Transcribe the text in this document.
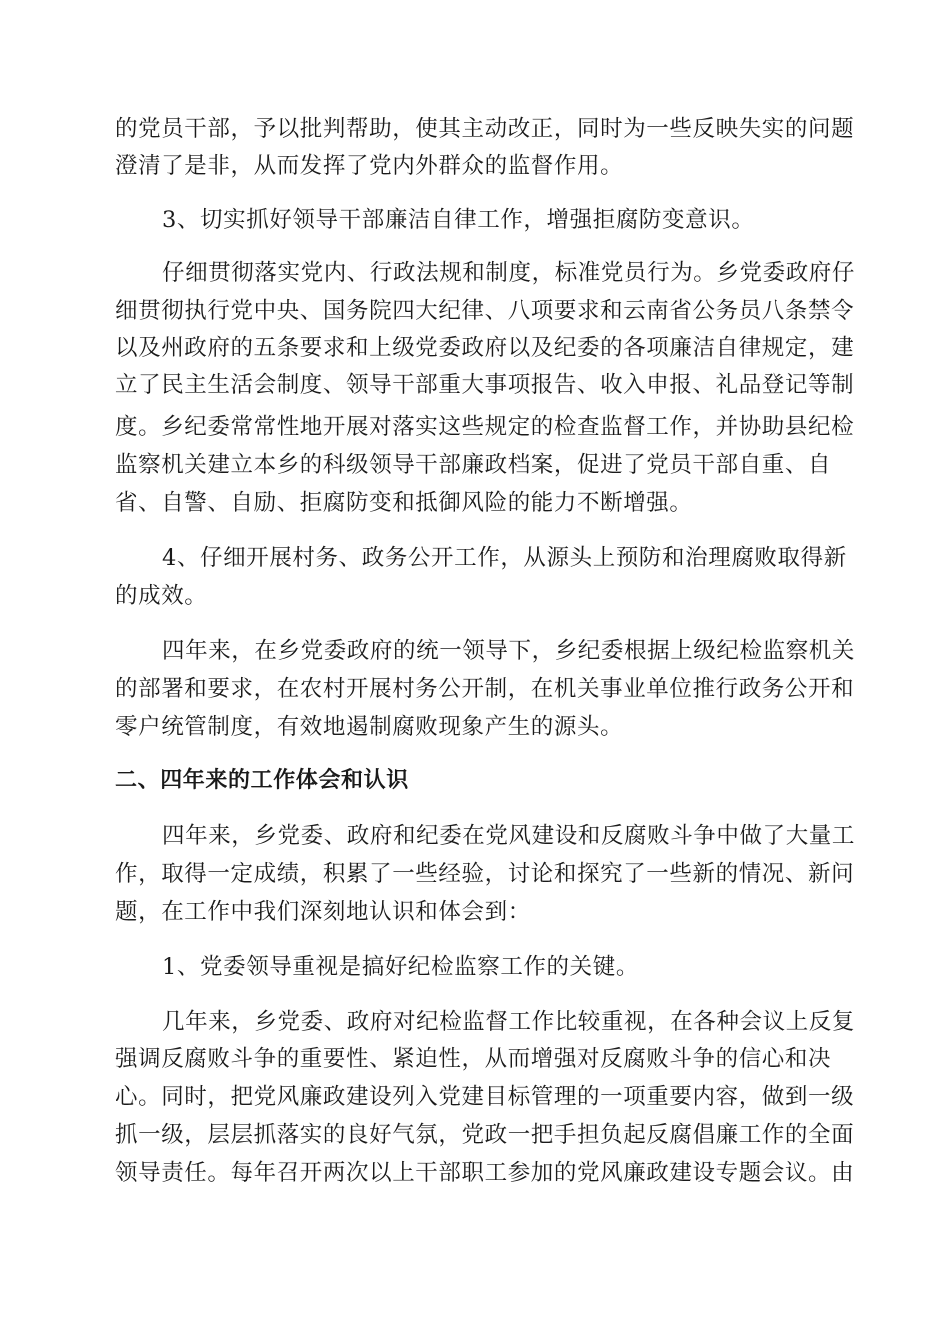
的党员干部，予以批判帮助，使其主动改正，同时为一些反映失实的问题
澄清了是非，从而发挥了党内外群众的监督作用。
3、切实抓好领导干部廉洁自律工作，增强拒腐防变意识。
仔细贯彻落实党内、行政法规和制度，标准党员行为。乡党委政府仔
细贯彻执行党中央、国务院四大纪律、八项要求和云南省公务员八条禁令
以及州政府的五条要求和上级党委政府以及纪委的各项廉洁自律规定，建
立了民主生活会制度、领导干部重大事项报告、收入申报、礼品登记等制
度。乡纪委常常性地开展对落实这些规定的检查监督工作，并协助县纪检
监察机关建立本乡的科级领导干部廉政档案，促进了党员干部自重、自
省、自警、自励、拒腐防变和抵御风险的能力不断增强。
4、仔细开展村务、政务公开工作，从源头上预防和治理腐败取得新
的成效。
四年来，在乡党委政府的统一领导下，乡纪委根据上级纪检监察机关
的部署和要求，在农村开展村务公开制，在机关事业单位推行政务公开和
零户统管制度，有效地遏制腐败现象产生的源头。
二、四年来的工作体会和认识
四年来，乡党委、政府和纪委在党风建设和反腐败斗争中做了大量工
作，取得一定成绩，积累了一些经验，讨论和探究了一些新的情况、新问
题，在工作中我们深刻地认识和体会到：
1、党委领导重视是搞好纪检监察工作的关键。
几年来，乡党委、政府对纪检监督工作比较重视，在各种会议上反复
强调反腐败斗争的重要性、紧迫性，从而增强对反腐败斗争的信心和决
心。同时，把党风廉政建设列入党建目标管理的一项重要内容，做到一级
抓一级，层层抓落实的良好气氛，党政一把手担负起反腐倡廉工作的全面
领导责任。每年召开两次以上干部职工参加的党风廉政建设专题会议。由
